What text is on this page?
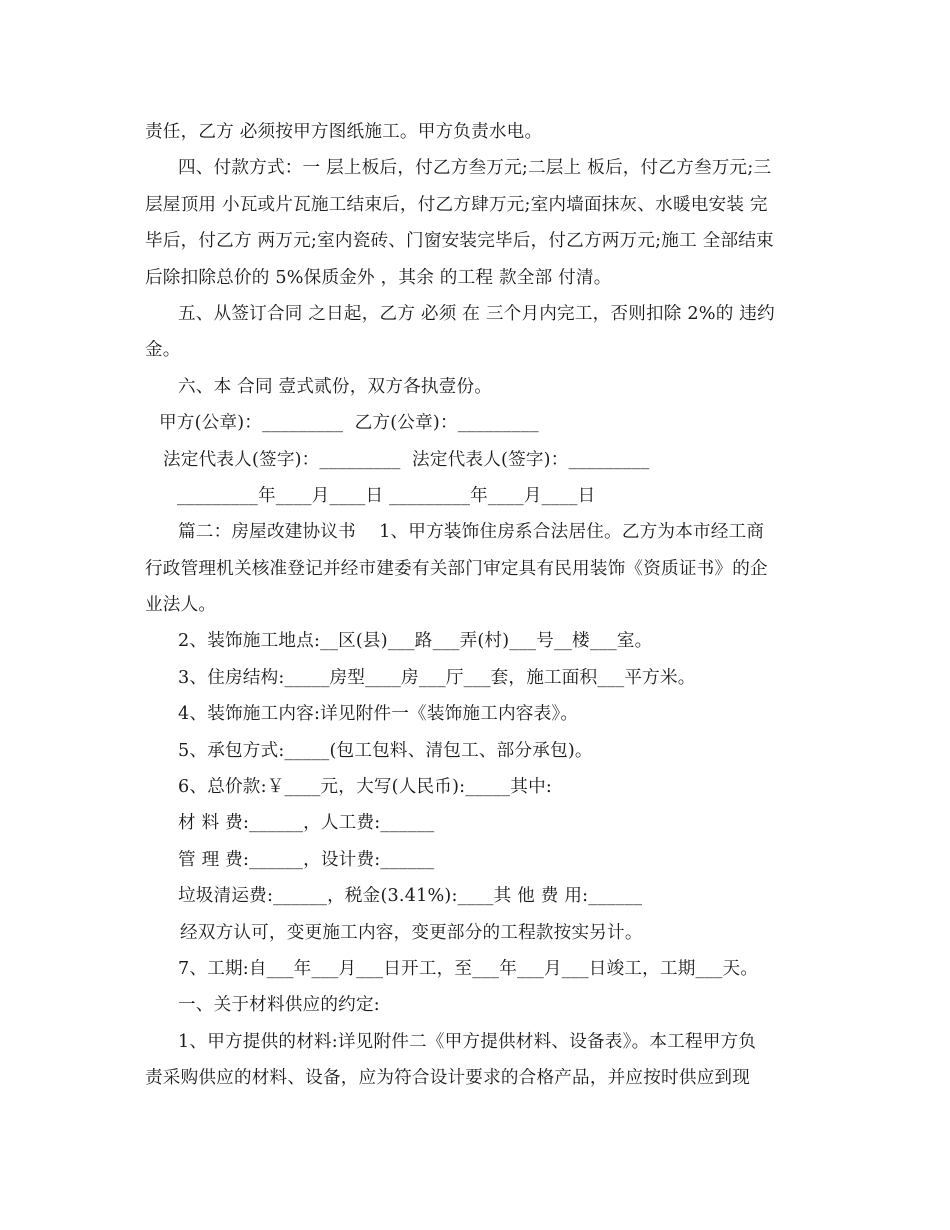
责任，乙方 必须按甲方图纸施工。甲方负责水电。
四、付款方式：一 层上板后，付乙方叁万元;二层上 板后，付乙方叁万元;三
层屋顶用 小瓦或片瓦施工结束后，付乙方肆万元;室内墙面抹灰、水暖电安装 完
毕后，付乙方 两万元;室内瓷砖、门窗安装完毕后，付乙方两万元;施工 全部结束
后除扣除总价的 5%保质金外 ，其余 的工程 款全部 付清。
五、从签订合同 之日起，乙方 必须 在 三个月内完工，否则扣除 2%的 违约
金。
六、本 合同 壹式贰份，双方各执壹份。
甲方(公章)：_________  乙方(公章)：_________
法定代表人(签字)：_________  法定代表人(签字)：_________
_________年____月____日 _________年____月____日
篇二：房屋改建协议书    1、甲方装饰住房系合法居住。乙方为本市经工商
行政管理机关核准登记并经市建委有关部门审定具有民用装饰《资质证书》的企
业法人。
2、装饰施工地点:__区(县)___路___弄(村)___号__楼___室。
3、住房结构:_____房型____房___厅___套，施工面积___平方米。
4、装饰施工内容:详见附件一《装饰施工内容表》。
5、承包方式:_____(包工包料、清包工、部分承包)。
6、总价款:￥____元，大写(人民币):_____其中:
材 料 费:______，人工费:______
管 理 费:______，设计费:______
垃圾清运费:______，税金(3.41%):____其 他 费 用:______
经双方认可，变更施工内容，变更部分的工程款按实另计。
7、工期:自___年___月___日开工，至___年___月___日竣工，工期___天。
一、关于材料供应的约定:
1、甲方提供的材料:详见附件二《甲方提供材料、设备表》。本工程甲方负
责采购供应的材料、设备，应为符合设计要求的合格产品，并应按时供应到现
